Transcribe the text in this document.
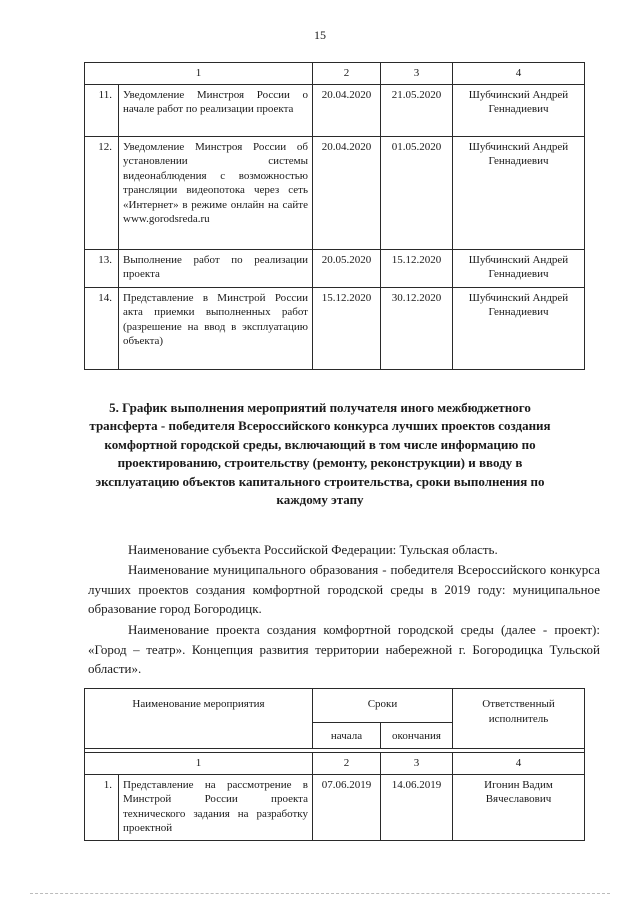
15
1		2	3	4
11.	Уведомление Минстроя России о начале работ по реализации проекта	20.04.2020	21.05.2020	Шубчинский Андрей Геннадиевич
12.	Уведомление Минстроя России об установлении системы видеонаблюдения с возможностью трансляции видеопотока через сеть «Интернет» в режиме онлайн на сайте www.gorodsreda.ru	20.04.2020	01.05.2020	Шубчинский Андрей Геннадиевич
13.	Выполнение работ по реализации проекта	20.05.2020	15.12.2020	Шубчинский Андрей Геннадиевич
14.	Представление в Минстрой России акта приемки выполненных работ (разрешение на ввод в эксплуатацию объекта)	15.12.2020	30.12.2020	Шубчинский Андрей Геннадиевич
5. График выполнения мероприятий получателя иного межбюджетного трансферта - победителя Всероссийского конкурса лучших проектов создания комфортной городской среды, включающий в том числе информацию по проектированию, строительству (ремонту, реконструкции) и вводу в эксплуатацию объектов капитального строительства, сроки выполнения по каждому этапу

Наименование субъекта Российской Федерации: Тульская область.

Наименование муниципального образования - победителя Всероссийского конкурса лучших проектов создания комфортной городской среды в 2019 году: муниципальное образование город Богородицк.

Наименование проекта создания комфортной городской среды (далее - проект): «Город – театр». Концепция развития территории набережной г. Богородицка Тульской области».

Наименование мероприятия		Сроки		Ответственный исполнитель
		начала	окончания	

1		2	3	4
1.	Представление на рассмотрение в Минстрой России проекта технического задания на разработку проектной	07.06.2019	14.06.2019	Игонин Вадим Вячеславович
